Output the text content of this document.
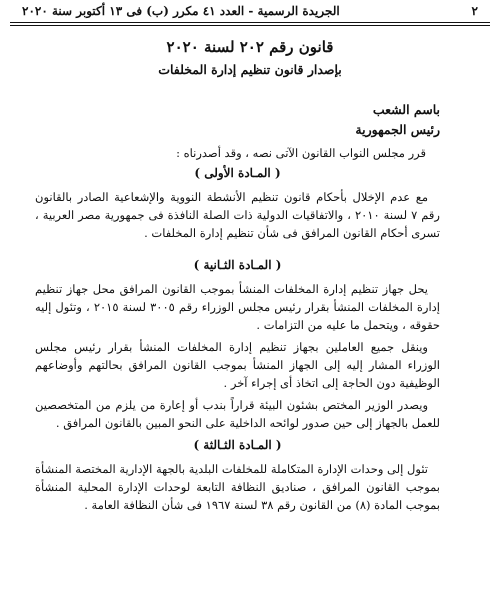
٢
الجريدة الرسمية - العدد ٤١ مكرر (ب) فى ١٣ أكتوبر سنة ٢٠٢٠

قانون رقم ٢٠٢ لسنة ٢٠٢٠

بإصدار قانون تنظيم إدارة المخلفات

باسم الشعب

رئيس الجمهورية

قرر مجلس النواب القانون الآتى نصه ، وقد أصدرناه :

( المـادة الأولى )

مع عدم الإخلال بأحكام قانون تنظيم الأنشطة النووية والإشعاعية الصادر بالقانون رقم ٧ لسنة ٢٠١٠ ، والاتفاقيات الدولية ذات الصلة النافذة فى جمهورية مصر العربية ، تسرى أحكام القانون المرافق فى شأن تنظيم إدارة المخلفات .

( المـادة الثـانية )

يحل جهاز تنظيم إدارة المخلفات المنشأ بموجب القانون المرافق محل جهاز تنظيم إدارة المخلفات المنشأ بقرار رئيس مجلس الوزراء رقم ٣٠٠٥ لسنة ٢٠١٥ ، وتئول إليه حقوقه ، ويتحمل ما عليه من التزامات .

وينقل جميع العاملين بجهاز تنظيم إدارة المخلفات المنشأ بقرار رئيس مجلس الوزراء المشار إليه إلى الجهاز المنشأ بموجب القانون المرافق بحالتهم وأوضاعهم الوظيفية دون الحاجة إلى اتخاذ أى إجراء آخر .

ويصدر الوزير المختص بشئون البيئة قراراً بندب أو إعارة من يلزم من المتخصصين للعمل بالجهاز إلى حين صدور لوائحه الداخلية على النحو المبين بالقانون المرافق .

( المـادة الثـالثة )

تئول إلى وحدات الإدارة المتكاملة للمخلفات البلدية بالجهة الإدارية المختصة المنشأة بموجب القانون المرافق ، صناديق النظافة التابعة لوحدات الإدارة المحلية المنشأة بموجب المادة (٨) من القانون رقم ٣٨ لسنة ١٩٦٧ فى شأن النظافة العامة .
